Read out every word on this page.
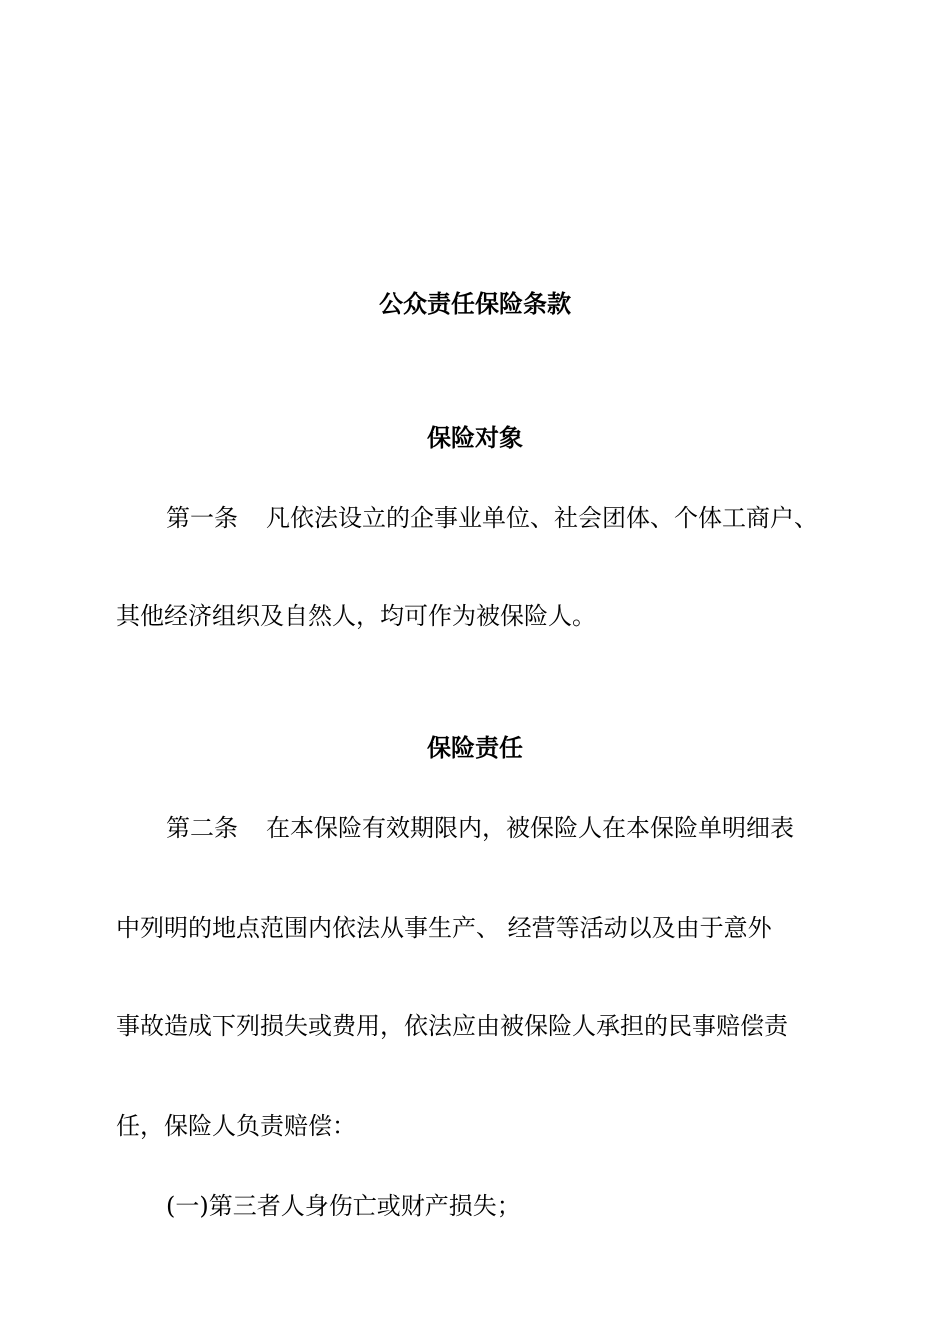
公众责任保险条款
保险对象
第一条 凡依法设立的企事业单位、社会团体、个体工商户、
其他经济组织及自然人，均可作为被保险人。
保险责任
第二条 在本保险有效期限内，被保险人在本保险单明细表
中列明的地点范围内依法从事生产、 经营等活动以及由于意外
事故造成下列损失或费用，依法应由被保险人承担的民事赔偿责
任，保险人负责赔偿：
(一)第三者人身伤亡或财产损失；
